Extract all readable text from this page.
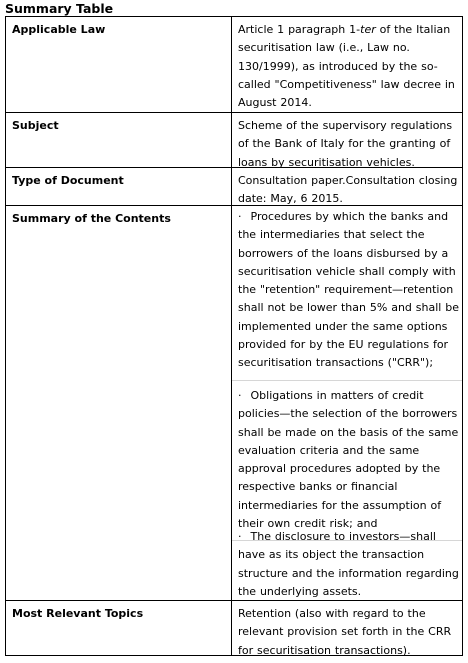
Summary Table
Applicable Law	Article 1 paragraph 1-ter of the Italian
securitisation law (i.e., Law no.
130/1999), as introduced by the so-
called "Competitiveness" law decree in
August 2014.
Subject	Scheme of the supervisory regulations
of the Bank of Italy for the granting of
loans by securitisation vehicles.
Type of Document	Consultation paper.Consultation closing
date: May, 6 2015.
Summary of the Contents	· Procedures by which the banks and
the intermediaries that select the
borrowers of the loans disbursed by a
securitisation vehicle shall comply with
the "retention" requirement—retention
shall not be lower than 5% and shall be
implemented under the same options
provided for by the EU regulations for
securitisation transactions ("CRR");
· Obligations in matters of credit
policies—the selection of the borrowers
shall be made on the basis of the same
evaluation criteria and the same
approval procedures adopted by the
respective banks or financial
intermediaries for the assumption of
their own credit risk; and
· The disclosure to investors—shall
have as its object the transaction
structure and the information regarding
the underlying assets.
Most Relevant Topics	Retention (also with regard to the
relevant provision set forth in the CRR
for securitisation transactions).
